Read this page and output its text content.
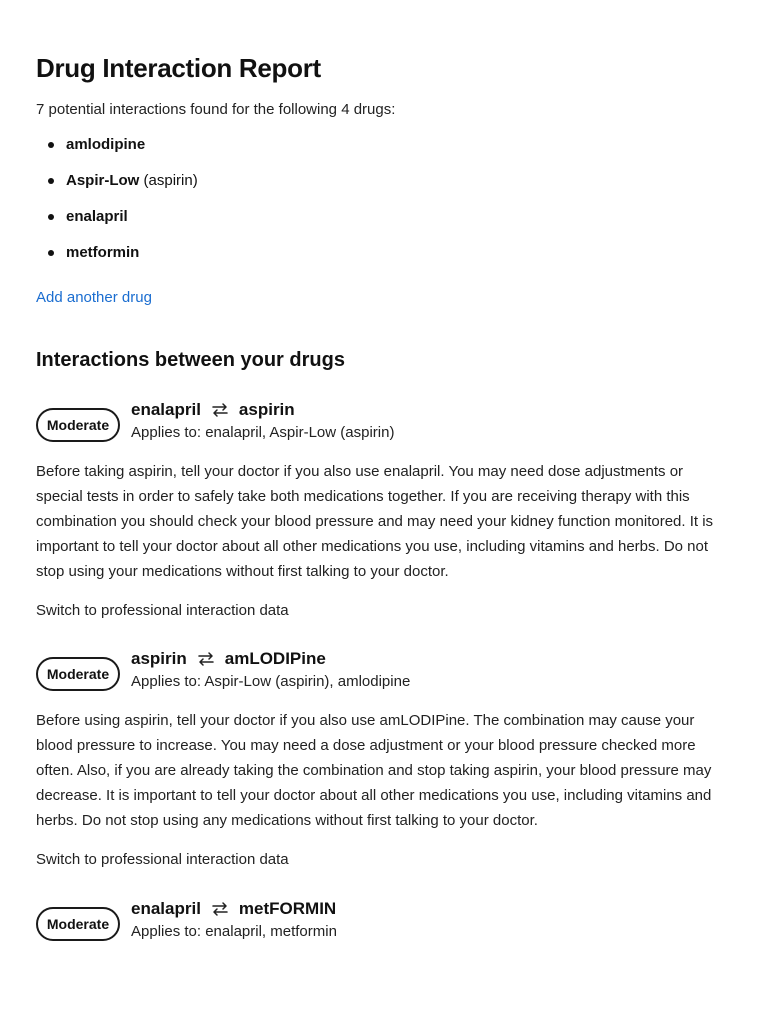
Drug Interaction Report

7 potential interactions found for the following 4 drugs:

amlodipine
Aspir-Low (aspirin)
enalapril
metformin
Add another drug
Interactions between your drugs
Moderate
enalapril aspirin
Applies to: enalapril, Aspir-Low (aspirin)

Before taking aspirin, tell your doctor if you also use enalapril. You may need dose adjustments or special tests in order to safely take both medications together. If you are receiving therapy with this combination you should check your blood pressure and may need your kidney function monitored. It is important to tell your doctor about all other medications you use, including vitamins and herbs. Do not stop using your medications without first talking to your doctor.

Switch to professional interaction data
Moderate
aspirin amLODIPine
Applies to: Aspir-Low (aspirin), amlodipine

Before using aspirin, tell your doctor if you also use amLODIPine. The combination may cause your blood pressure to increase. You may need a dose adjustment or your blood pressure checked more often. Also, if you are already taking the combination and stop taking aspirin, your blood pressure may decrease. It is important to tell your doctor about all other medications you use, including vitamins and herbs. Do not stop using any medications without first talking to your doctor.

Switch to professional interaction data
Moderate
enalapril metFORMIN
Applies to: enalapril, metformin
